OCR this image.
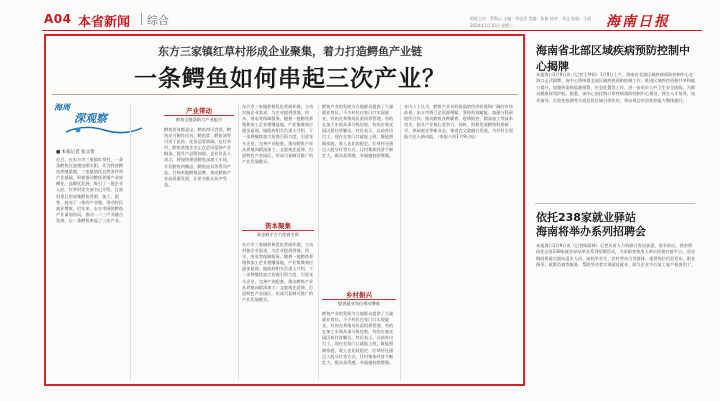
A04 本省新闻 综合	值班主任：罗海云 主编：符史信 美编：张新 校对：邓文 检校：王丽
2024年1月10日 星期三	海南日报
东方三家镇红草村形成企业聚集，着力打造鳄鱼产业链
一条鳄鱼如何串起三次产业？
海周
深观察
■ 本报记者 张文资
近日，在东方市三家镇红草村，一条条鳄鱼在池塘边晒太阳。作为我省鳄鱼养殖重镇，三家镇依托自然条件和产业基础，积极推动鳄鱼养殖产业规模化、品牌化发展，吸引了一批企业入驻。红草村党支部书记介绍，目前村里已形成集鳄鱼养殖、加工、销售、观光于一体的产业链，带动村民就业增收。近年来，东方市围绕鳄鱼产业谋划布局，推动一二三产业融合发展，让一条鳄鱼串起了三次产业。
产业带动
鳄鱼全链条助力产业振兴
鳄鱼浑身都是宝。鳄鱼肉可食用，鳄鱼皮可制作皮具，鳄鱼骨、鳄鱼油等可用于医药、化妆品等领域。在红草村，鳄鱼养殖企业正在尝试延伸产业链条，提升产品附加值。企业负责人表示，将加快建设鳄鱼深加工车间，开发鳄鱼肉制品、鳄鱼皮具等系列产品，打响本地鳄鱼品牌，推动鳄鱼产业高质量发展，让更多群众从中受益。
东方市三家镇积极优化营商环境，主动对接企业需求，为企业提供用地、用水、用电等保障服务。随着一批鳄鱼养殖和加工企业相继落地，产业集聚效应逐步显现。镇政府相关负责人介绍，下一步将继续加大招商引资力度，引进龙头企业，完善产业配套，推动鳄鱼产业从养殖向精深加工、文旅观光延伸，打造特色产业园区，形成可复制可推广的产业发展模式。
资本聚集
政企联手合力招商引资
东方市三家镇积极优化营商环境，主动对接企业需求，为企业提供用地、用水、用电等保障服务。随着一批鳄鱼养殖和加工企业相继落地，产业集聚效应逐步显现。镇政府相关负责人介绍，下一步将继续加大招商引资力度，引进龙头企业，完善产业配套，推动鳄鱼产业从养殖向精深加工、文旅观光延伸，打造特色产业园区，形成可复制可推广的产业发展模式。
鳄鱼产业的发展为当地群众提供了大量就业岗位。不少村民在家门口实现就业，有的在养殖场负责饲养管理，有的在加工车间从事分拣包装，有的在观光园区担任讲解员。村民表示，以前外出打工，现在在家门口就能上班，既能照顾家庭，收入也比较稳定。红草村还通过入股分红等方式，让村集体经济不断壮大，群众获得感、幸福感持续增强。
乡村振兴
提供就业岗位带动增收
鳄鱼产业的发展为当地群众提供了大量就业岗位。不少村民在家门口实现就业，有的在养殖场负责饲养管理，有的在加工车间从事分拣包装，有的在观光园区担任讲解员。村民表示，以前外出打工，现在在家门口就能上班，既能照顾家庭，收入也比较稳定。红草村还通过入股分红等方式，让村集体经济不断壮大，群众获得感、幸福感持续增强。
业内人士认为，鳄鱼产业具有较高的经济价值和广阔的市场前景。东方市将立足资源禀赋，坚持科技赋能，加强与科研院所合作，推动鳄鱼良种繁育、疫病防控、精深加工等技术攻关，提升产业核心竞争力。同时，积极发展鳄鱼科普研学、休闲观光等新业态，推进农文旅融合发展，为乡村全面振兴注入新动能。（本报八所1月9日电）
海南省北部区域疾病预防控制中心揭牌
本报海口1月9日讯（记者王梦晗）1月9日上午，海南省北部区域疾病预防控制中心在海口正式揭牌。该中心将统筹北部区域疾病预防控制工作，推进区域疾控资源共享和能力提升，加强传染病监测预警、应急处置等工作，进一步筑牢公共卫生安全防线，为群众健康保驾护航。据悉，该中心依托海口市疾病预防控制中心建设，将在人才培养、技术指导、实验室检测等方面发挥区域引领作用，带动周边市县疾控能力整体提升。
依托238家就业驿站
海南将举办系列招聘会
本报海口1月9日讯（记者陈蔚林）记者从省人力资源开发局获悉，春节前后，我省将依托全省238家就业驿站举办系列招聘活动，为求职者和用人单位搭建对接平台。活动期间将重点面向返乡人员、高校毕业生、农村劳动力等群体，提供岗位信息发布、职业指导、政策咨询等服务，帮助劳动者实现就近就业，助力企业节后复工复产稳岗用工。
